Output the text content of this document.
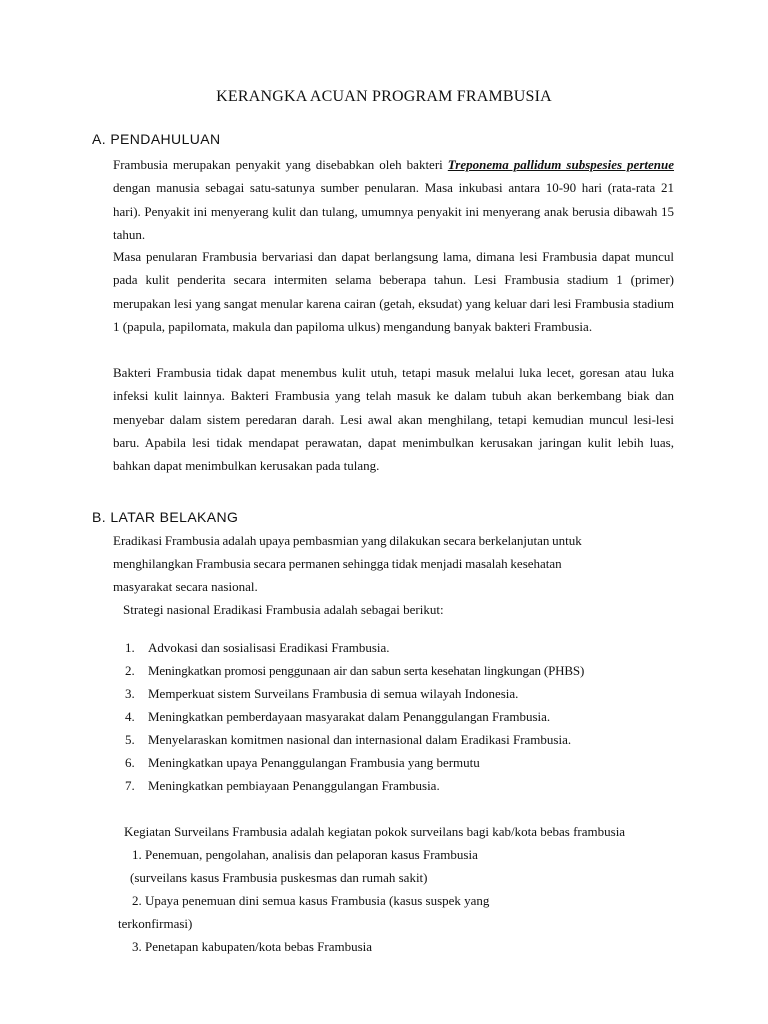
KERANGKA ACUAN PROGRAM FRAMBUSIA
A. PENDAHULUAN

Frambusia merupakan penyakit yang disebabkan oleh bakteri Treponema pallidum subspesies pertenue dengan manusia sebagai satu-satunya sumber penularan. Masa inkubasi antara 10-90 hari (rata-rata 21 hari). Penyakit ini menyerang kulit dan tulang, umumnya penyakit ini menyerang anak berusia dibawah 15 tahun.

Masa penularan Frambusia bervariasi dan dapat berlangsung lama, dimana lesi Frambusia dapat muncul pada kulit penderita secara intermiten selama beberapa tahun. Lesi Frambusia stadium 1 (primer) merupakan lesi yang sangat menular karena cairan (getah, eksudat) yang keluar dari lesi Frambusia stadium 1 (papula, papilomata, makula dan papiloma ulkus) mengandung banyak bakteri Frambusia.

Bakteri Frambusia tidak dapat menembus kulit utuh, tetapi masuk melalui luka lecet, goresan atau luka infeksi kulit lainnya. Bakteri Frambusia yang telah masuk ke dalam tubuh akan berkembang biak dan menyebar dalam sistem peredaran darah. Lesi awal akan menghilang, tetapi kemudian muncul lesi-lesi baru. Apabila lesi tidak mendapat perawatan, dapat menimbulkan kerusakan jaringan kulit lebih luas, bahkan dapat menimbulkan kerusakan pada tulang.

B. LATAR BELAKANG
Eradikasi Frambusia adalah upaya pembasmian yang dilakukan secara berkelanjutan untuk
menghilangkan Frambusia secara permanen sehingga tidak menjadi masalah kesehatan
masyarakat secara nasional.
Strategi nasional Eradikasi Frambusia adalah sebagai berikut:
1. Advokasi dan sosialisasi Eradikasi Frambusia.
2. Meningkatkan promosi penggunaan air dan sabun serta kesehatan lingkungan (PHBS)
3. Memperkuat sistem Surveilans Frambusia di semua wilayah Indonesia.
4. Meningkatkan pemberdayaan masyarakat dalam Penanggulangan Frambusia.
5. Menyelaraskan komitmen nasional dan internasional dalam Eradikasi Frambusia.
6. Meningkatkan upaya Penanggulangan Frambusia yang bermutu
7. Meningkatkan pembiayaan Penanggulangan Frambusia.
Kegiatan Surveilans Frambusia adalah kegiatan pokok surveilans bagi kab/kota bebas frambusia
1. Penemuan, pengolahan, analisis dan pelaporan kasus Frambusia
(surveilans kasus Frambusia puskesmas dan rumah sakit)
2. Upaya penemuan dini semua kasus Frambusia (kasus suspek yang
terkonfirmasi)
3. Penetapan kabupaten/kota bebas Frambusia
